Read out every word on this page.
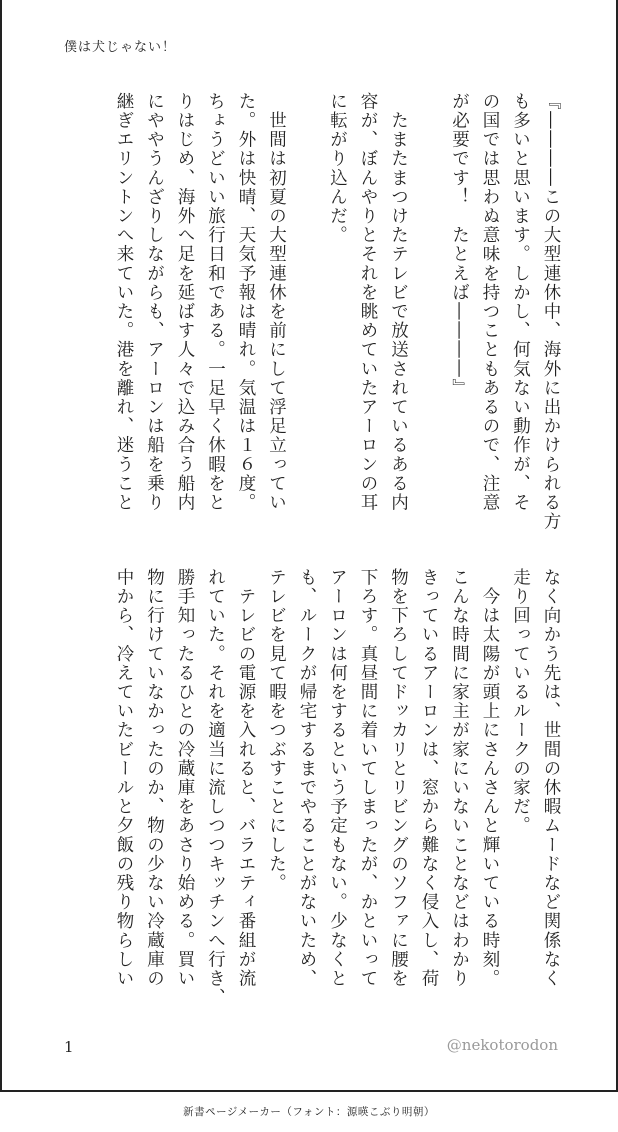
僕は犬じゃない！
『――――この大型連休中、海外に出かけられる方
も多いと思います。しかし、何気ない動作が、そ
の国では思わぬ意味を持つこともあるので、注意
が必要です！　たとえば――――』

　たまたまつけたテレビで放送されているある内
容が、ぼんやりとそれを眺めていたアーロンの耳
に転がり込んだ。

　世間は初夏の大型連休を前にして浮足立ってい
た。外は快晴、天気予報は晴れ。気温は１６度。
ちょうどいい旅行日和である。一足早く休暇をと
りはじめ、海外へ足を延ばす人々で込み合う船内
にややうんざりしながらも、アーロンは船を乗り
継ぎエリントンへ来ていた。港を離れ、迷うこと
なく向かう先は、世間の休暇ムードなど関係なく
走り回っているルークの家だ。
　今は太陽が頭上にさんさんと輝いている時刻。
こんな時間に家主が家にいないことなどはわかり
きっているアーロンは、窓から難なく侵入し、荷
物を下ろしてドッカリとリビングのソファに腰を
下ろす。真昼間に着いてしまったが、かといって
アーロンは何をするという予定もない。少なくと
も、ルークが帰宅するまでやることがないため、
テレビを見て暇をつぶすことにした。
　テレビの電源を入れると、バラエティ番組が流
れていた。それを適当に流しつつキッチンへ行き、
勝手知ったるひとの冷蔵庫をあさり始める。買い
物に行けていなかったのか、物の少ない冷蔵庫の
中から、冷えていたビールと夕飯の残り物らしい
1	@nekotorodon
新書ページメーカー（フォント：源暎こぶり明朝）
